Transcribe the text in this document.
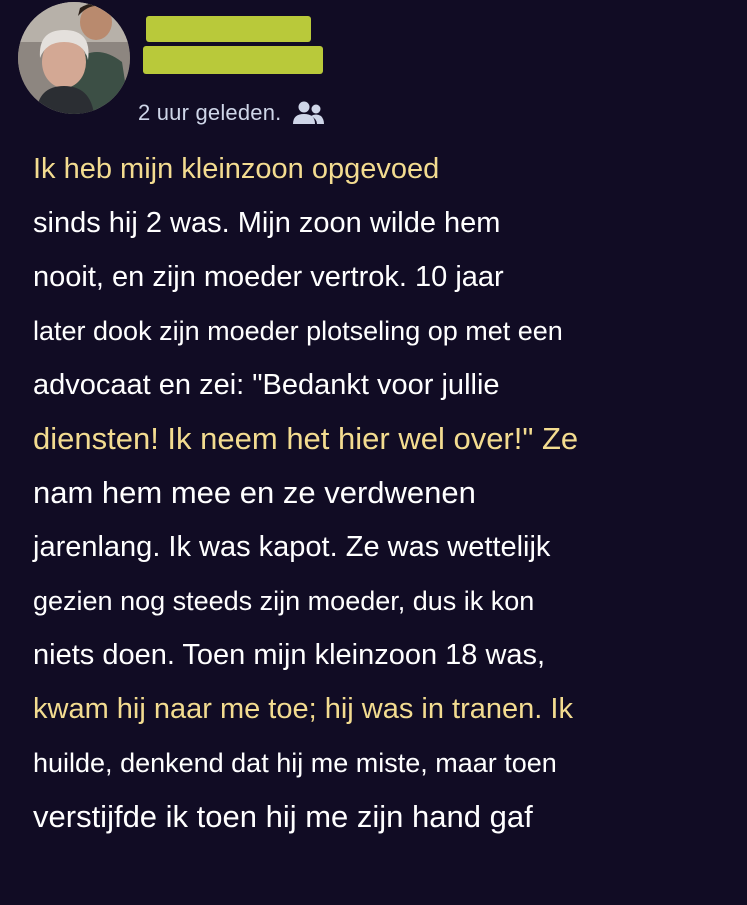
2 uur geleden.
Ik heb mijn kleinzoon opgevoed
sinds hij 2 was. Mijn zoon wilde hem
nooit, en zijn moeder vertrok. 10 jaar
later dook zijn moeder plotseling op met een
advocaat en zei: "Bedankt voor jullie
diensten! Ik neem het hier wel over!" Ze
nam hem mee en ze verdwenen
jarenlang. Ik was kapot. Ze was wettelijk
gezien nog steeds zijn moeder, dus ik kon
niets doen. Toen mijn kleinzoon 18 was,
kwam hij naar me toe; hij was in tranen. Ik
huilde, denkend dat hij me miste, maar toen
verstijfde ik toen hij me zijn hand gaf
